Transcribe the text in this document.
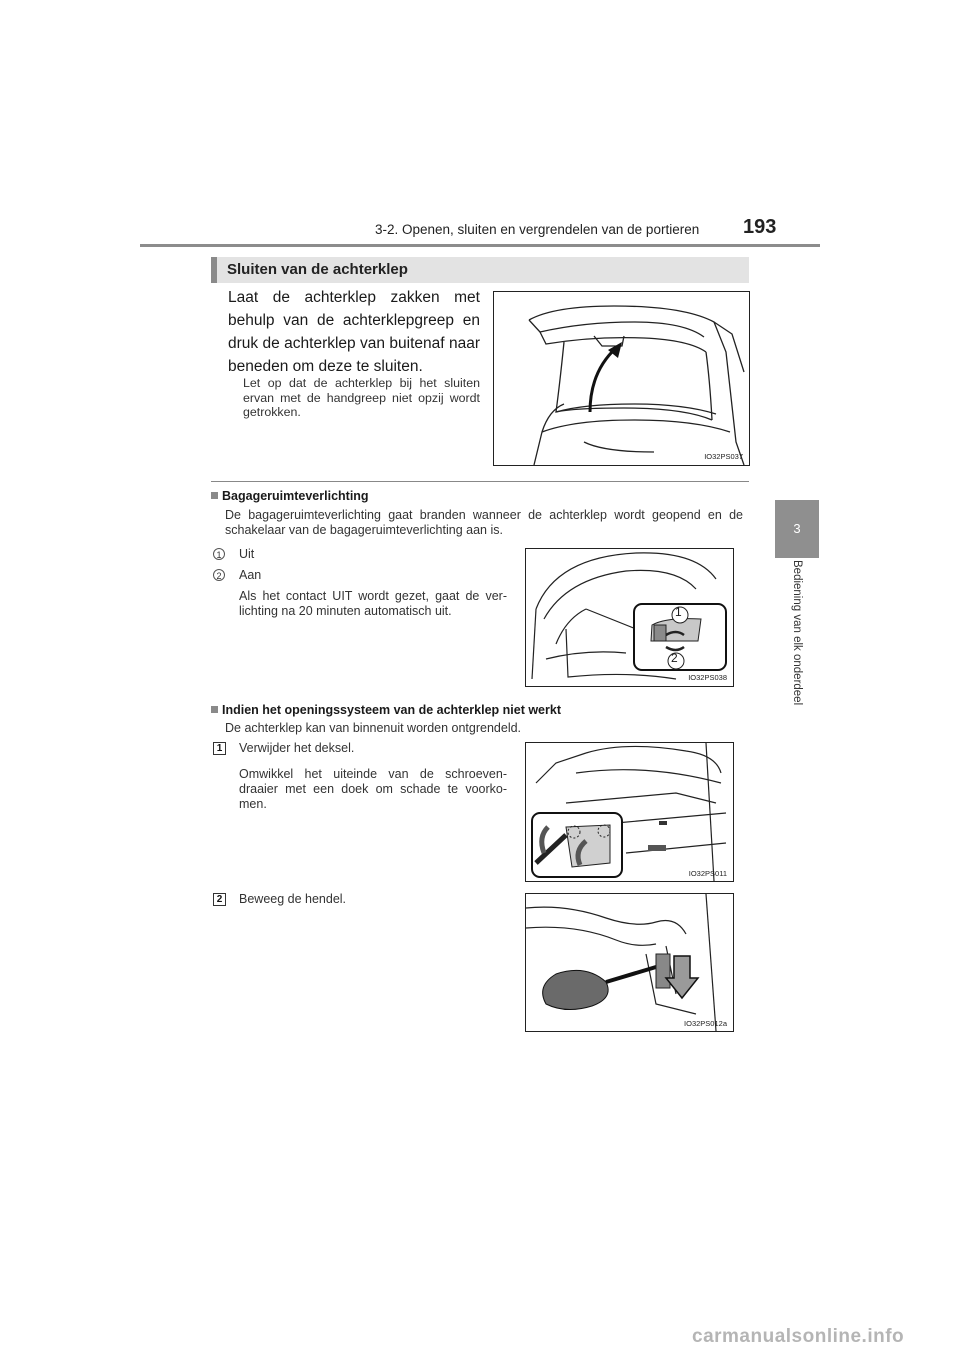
3-2. Openen, sluiten en vergrendelen van de portieren 193
3
Bediening van elk onderdeel
Sluiten van de achterklep
Laat de achterklep zakken met behulp van de achterklepgreep en druk de achterklep van buitenaf naar beneden om deze te sluiten.
Let op dat de achterklep bij het sluiten ervan met de handgreep niet opzij wordt getrokken.
IO32PS037
Bagageruimteverlichting
De bagageruimteverlichting gaat branden wanneer de achterklep wordt geopend en de schakelaar van de bagageruimteverlichting aan is.
1 Uit
2 Aan
Als het contact UIT wordt gezet, gaat de ver- lichting na 20 minuten automatisch uit.	1
2
IO32PS038
Indien het openingssysteem van de achterklep niet werkt
De achterklep kan van binnenuit worden ontgrendeld.
1 Verwijder het deksel.
Omwikkel het uiteinde van de schroeven- draaier met een doek om schade te voorko- men.
IO32PS011
2 Beweeg de hendel.
IO32PS012a
carmanualsonline.info
